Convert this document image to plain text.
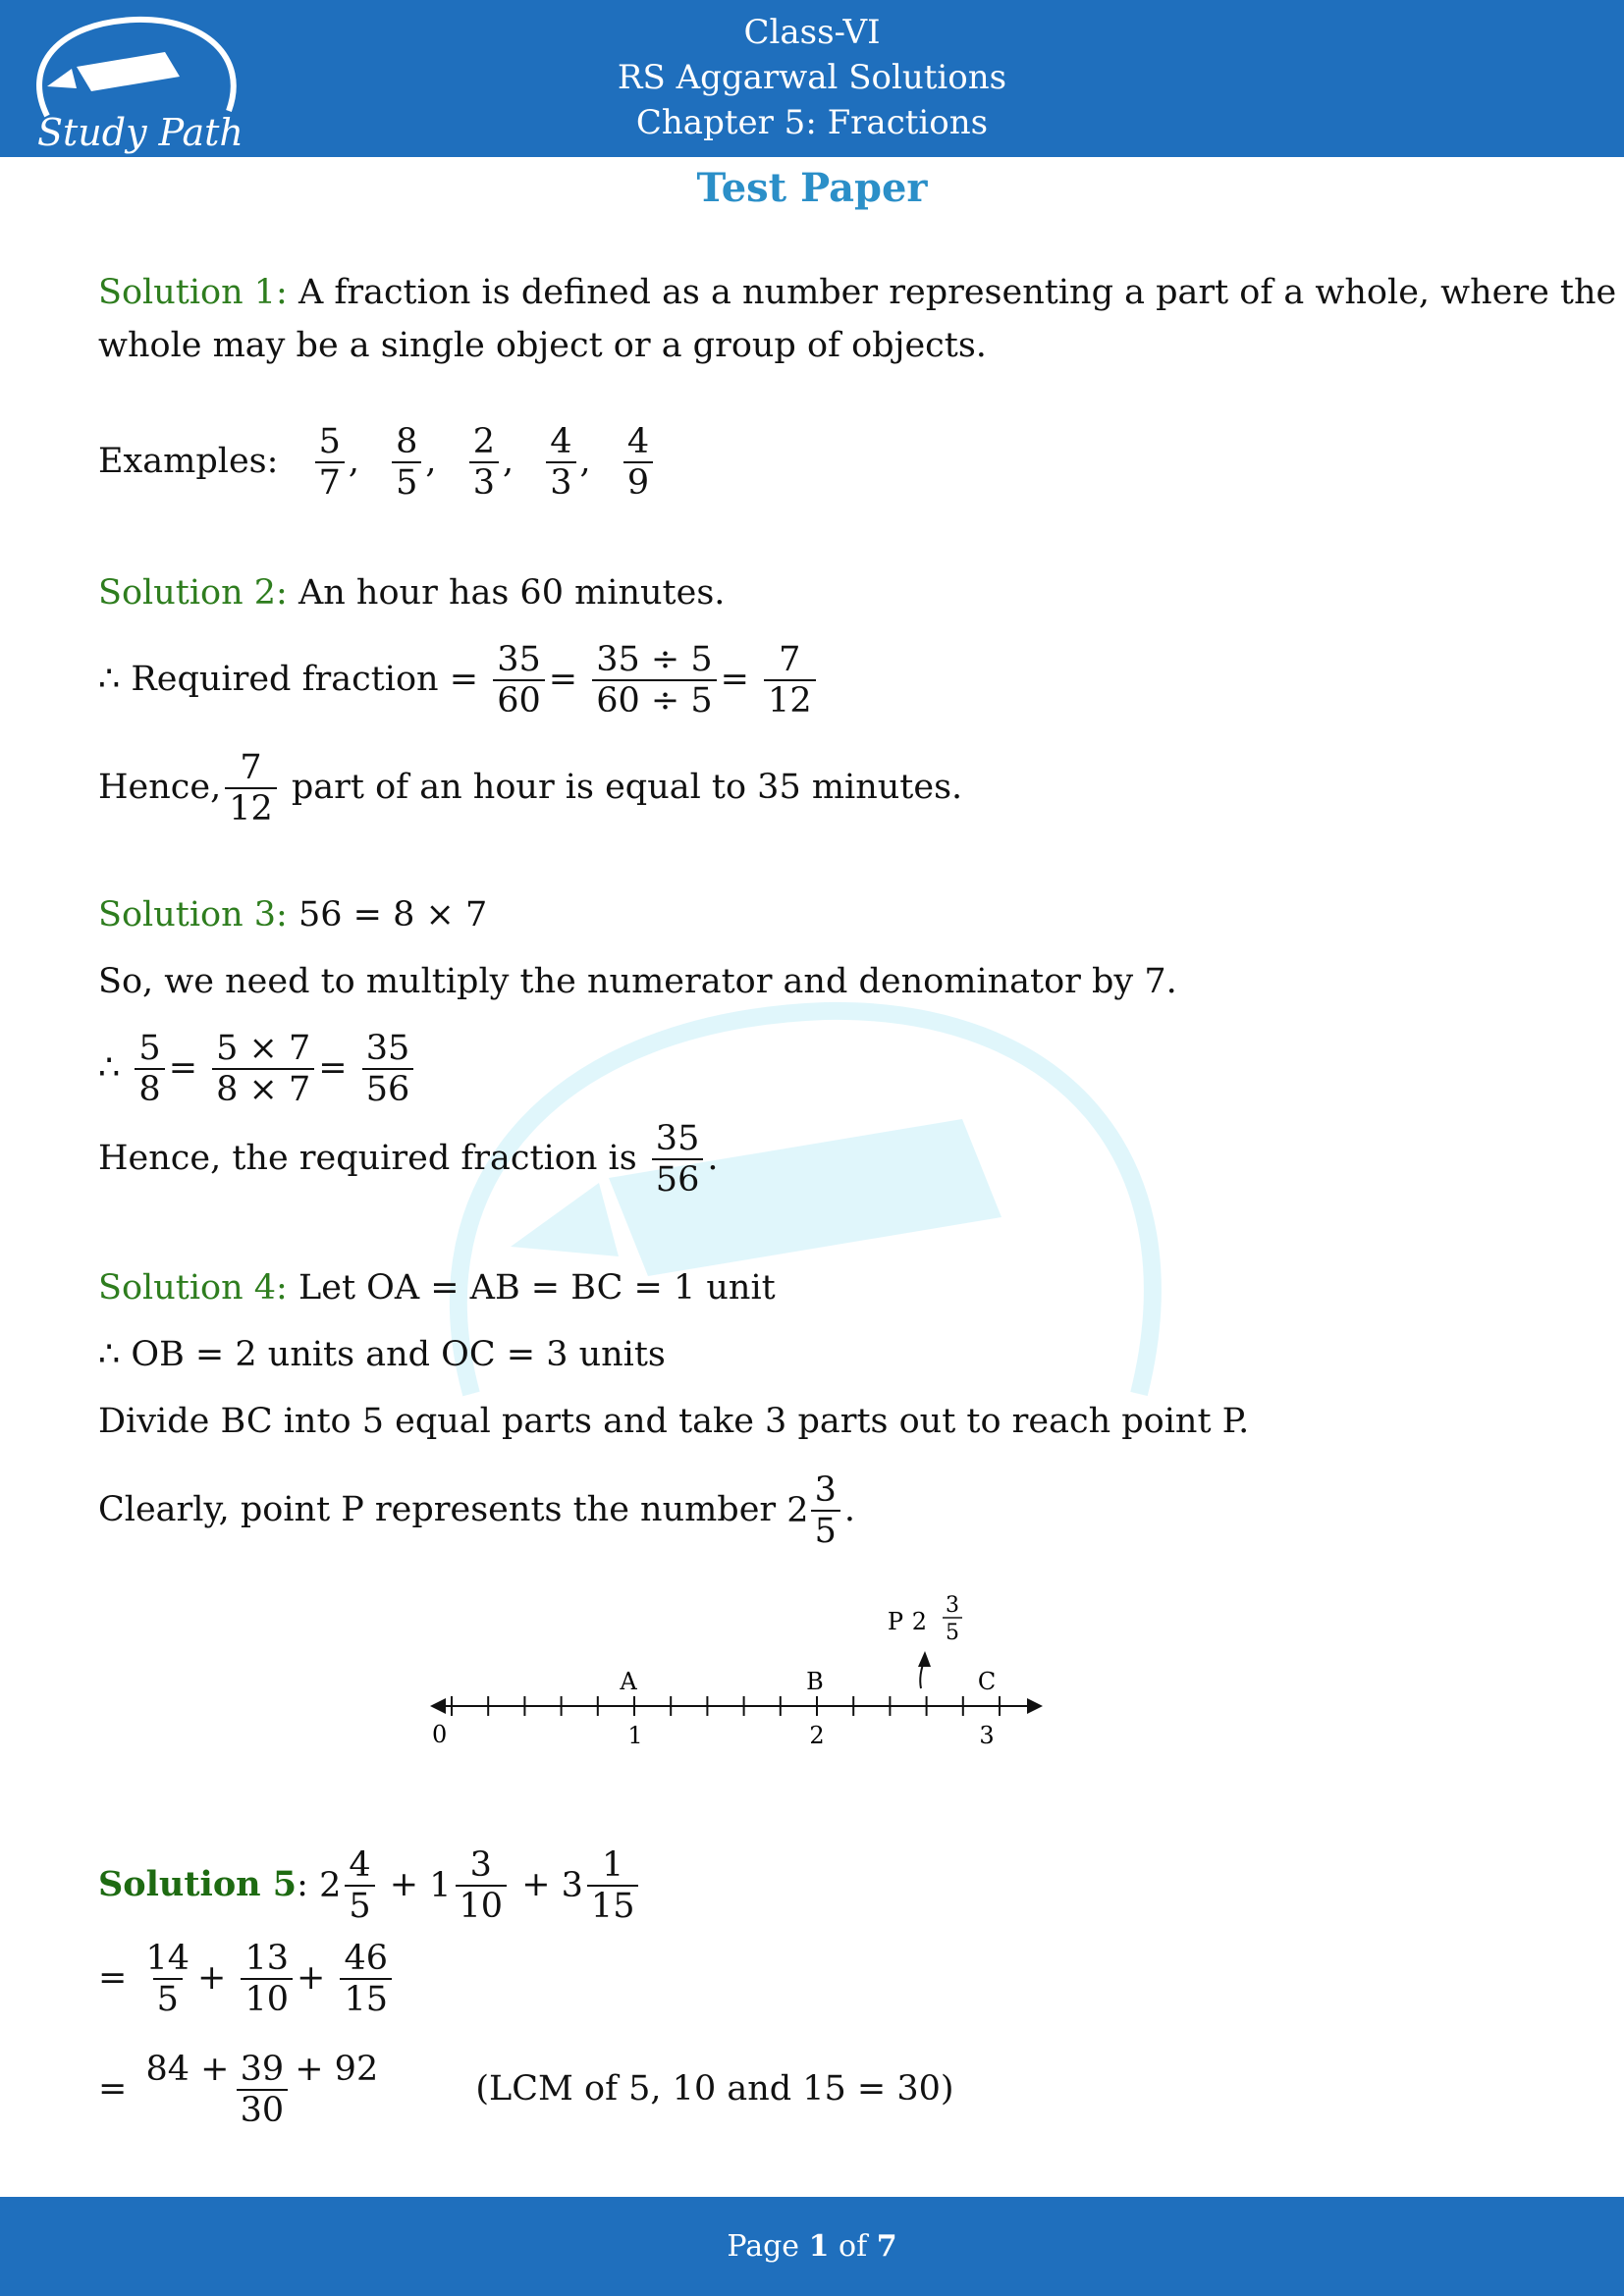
Study Path
Class-VI
RS Aggarwal Solutions
Chapter 5: Fractions
Test Paper
Solution 1: A fraction is defined as a number representing a part of a whole, where the
whole may be a single object or a group of objects.
Examples: $\frac{5}{7}$ , $\frac{8}{5}$ , $\frac{2}{3}$ , $\frac{4}{3}$ , $\frac{4}{9}$
Solution 2: An hour has 60 minutes.
∴ Required fraction = $\frac{35}{60} = \frac{35 \div 5}{60 \div 5} = \frac{7}{12}$
Hence, $\frac{7}{12}$ part of an hour is equal to 35 minutes.
Solution 3: 56 = 8 × 7
So, we need to multiply the numerator and denominator by 7.
∴ $\frac{5}{8} = \frac{5 \times 7}{8 \times 7} = \frac{35}{56}$
Hence, the required fraction is $\frac{35}{56}$ .
Solution 4: Let OA = AB = BC = 1 unit
∴ OB = 2 units and OC = 3 units
Divide BC into 5 equal parts and take 3 parts out to reach point P.
Clearly, point P represents the number $2 \frac{3}{5}$ .
0
A	B	C
1	2	3
P 2
3
5
Solution 5: $2 \frac{4}{5} + 1 \frac{3}{10} + 3 \frac{1}{15}$
= $\frac{14}{5} + \frac{13}{10} + \frac{46}{15}$
= $\frac{84 + 39 + 92}{30}$	(LCM of 5, 10 and 15 = 30)
Page 1 of 7
